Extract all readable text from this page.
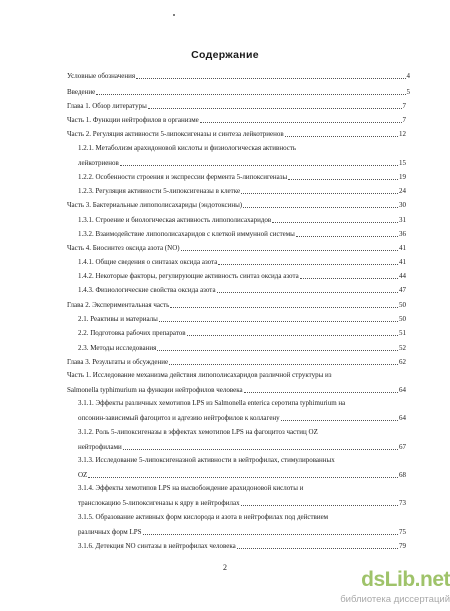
Содержание
Условные обозначения	4
Введение	5
Глава 1. Обзор литературы	7
Часть 1. Функции нейтрофилов в организме	7
Часть 2. Регуляция активности 5-липоксигеназы и синтеза лейкотриенов	12
1.2.1. Метаболизм арахидоновой кислоты и физиологическая активность
лейкотриенов	15
1.2.2. Особенности строения и экспрессии фермента 5-липоксигеназы	19
1.2.3. Регуляция активности 5-липоксигеназы в клетке	24
Часть 3. Бактериальные липополисахариды (эндотоксины)	30
1.3.1. Строение и биологическая активность липополисахаридов	31
1.3.2. Взаимодействие липополисахаридов с клеткой иммунной системы	36
Часть 4. Биосинтез оксида азота (NO)	41
1.4.1. Общие сведения о синтазах оксида азота	41
1.4.2. Некоторые факторы, регулирующие активность синтаз оксида азота	44
1.4.3. Физиологические свойства оксида азота	47
Глава 2. Экспериментальная часть	50
2.1. Реактивы и материалы	50
2.2. Подготовка рабочих препаратов	51
2.3. Методы исследования	52
Глава 3. Результаты и обсуждение	62
Часть 1. Исследование механизма действия липополисахаридов различной структуры из
Salmonella typhimurium на функции нейтрофилов человека	64
3.1.1. Эффекты различных хемотипов LPS из Salmonella enterica серотипа typhimurium на
опсонин-зависимый фагоцитоз и адгезию нейтрофилов к коллагену	64
3.1.2. Роль 5-липоксигеназы в эффектах хемотипов LPS на фагоцитоз частиц OZ
нейтрофилами	67
3.1.3. Исследование 5-липоксигеназной активности в нейтрофилах, стимулированных
OZ	68
3.1.4. Эффекты хемотипов LPS на высвобождение арахидоновой кислоты и
транслокацию 5-липоксигеназы к ядру в нейтрофилах	73
3.1.5. Образование активных форм кислорода и азота в нейтрофилах под действием
различных форм LPS	75
3.1.6. Детекция NO синтазы в нейтрофилах человека	79
2
dsLib.net
библиотека диссертаций
